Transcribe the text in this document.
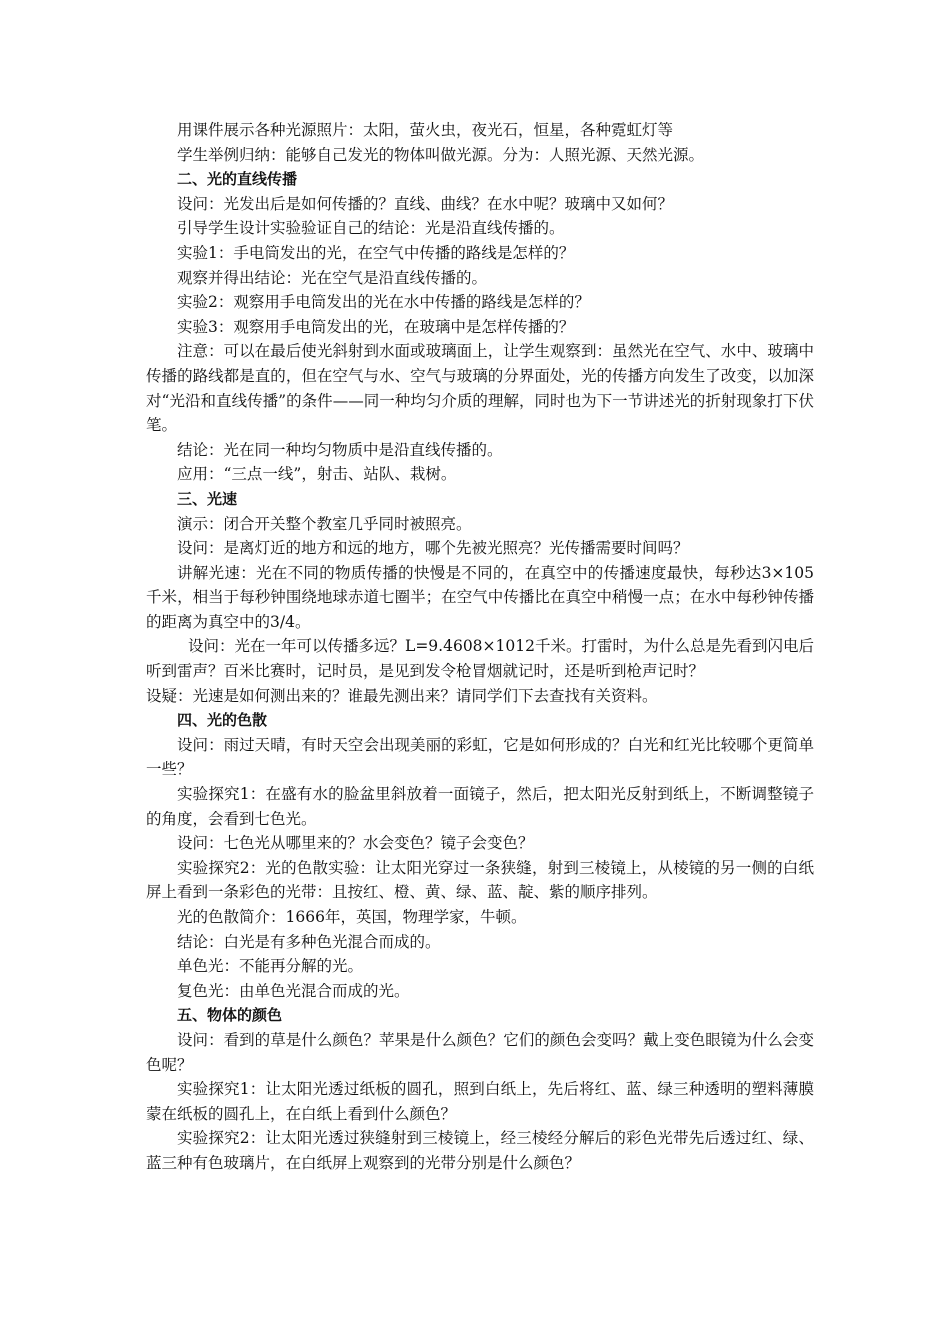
用课件展示各种光源照片：太阳，萤火虫，夜光石，恒星，各种霓虹灯等

学生举例归纳：能够自己发光的物体叫做光源。分为：人照光源、天然光源。

二、光的直线传播

设问：光发出后是如何传播的？直线、曲线？在水中呢？玻璃中又如何？

引导学生设计实验验证自己的结论：光是沿直线传播的。

实验1：手电筒发出的光，在空气中传播的路线是怎样的？

观察并得出结论：光在空气是沿直线传播的。

实验2：观察用手电筒发出的光在水中传播的路线是怎样的？

实验3：观察用手电筒发出的光，在玻璃中是怎样传播的？

注意：可以在最后使光斜射到水面或玻璃面上，让学生观察到：虽然光在空气、水中、玻璃中传播的路线都是直的，但在空气与水、空气与玻璃的分界面处，光的传播方向发生了改变，以加深对“光沿和直线传播”的条件——同一种均匀介质的理解，同时也为下一节讲述光的折射现象打下伏笔。

结论：光在同一种均匀物质中是沿直线传播的。

应用：“三点一线”，射击、站队、栽树。

三、光速

演示：闭合开关整个教室几乎同时被照亮。

设问：是离灯近的地方和远的地方，哪个先被光照亮？光传播需要时间吗？

讲解光速：光在不同的物质传播的快慢是不同的，在真空中的传播速度最快，每秒达3×105千米，相当于每秒钟围绕地球赤道七圈半；在空气中传播比在真空中稍慢一点；在水中每秒钟传播的距离为真空中的3/4。

设问：光在一年可以传播多远？L=9.4608×1012千米。打雷时，为什么总是先看到闪电后听到雷声？百米比赛时，记时员，是见到发令枪冒烟就记时，还是听到枪声记时？

设疑：光速是如何测出来的？谁最先测出来？请同学们下去查找有关资料。

四、光的色散

设问：雨过天晴，有时天空会出现美丽的彩虹，它是如何形成的？白光和红光比较哪个更简单一些？

实验探究1：在盛有水的脸盆里斜放着一面镜子，然后，把太阳光反射到纸上，不断调整镜子的角度，会看到七色光。

设问：七色光从哪里来的？水会变色？镜子会变色？

实验探究2：光的色散实验：让太阳光穿过一条狭缝，射到三棱镜上，从棱镜的另一侧的白纸屏上看到一条彩色的光带：且按红、橙、黄、绿、蓝、靛、紫的顺序排列。

光的色散简介：1666年，英国，物理学家，牛顿。

结论：白光是有多种色光混合而成的。

单色光：不能再分解的光。

复色光：由单色光混合而成的光。

五、物体的颜色

设问：看到的草是什么颜色？苹果是什么颜色？它们的颜色会变吗？戴上变色眼镜为什么会变色呢？

实验探究1：让太阳光透过纸板的圆孔，照到白纸上，先后将红、蓝、绿三种透明的塑料薄膜蒙在纸板的圆孔上，在白纸上看到什么颜色？

实验探究2：让太阳光透过狭缝射到三棱镜上，经三棱经分解后的彩色光带先后透过红、绿、蓝三种有色玻璃片，在白纸屏上观察到的光带分别是什么颜色？
